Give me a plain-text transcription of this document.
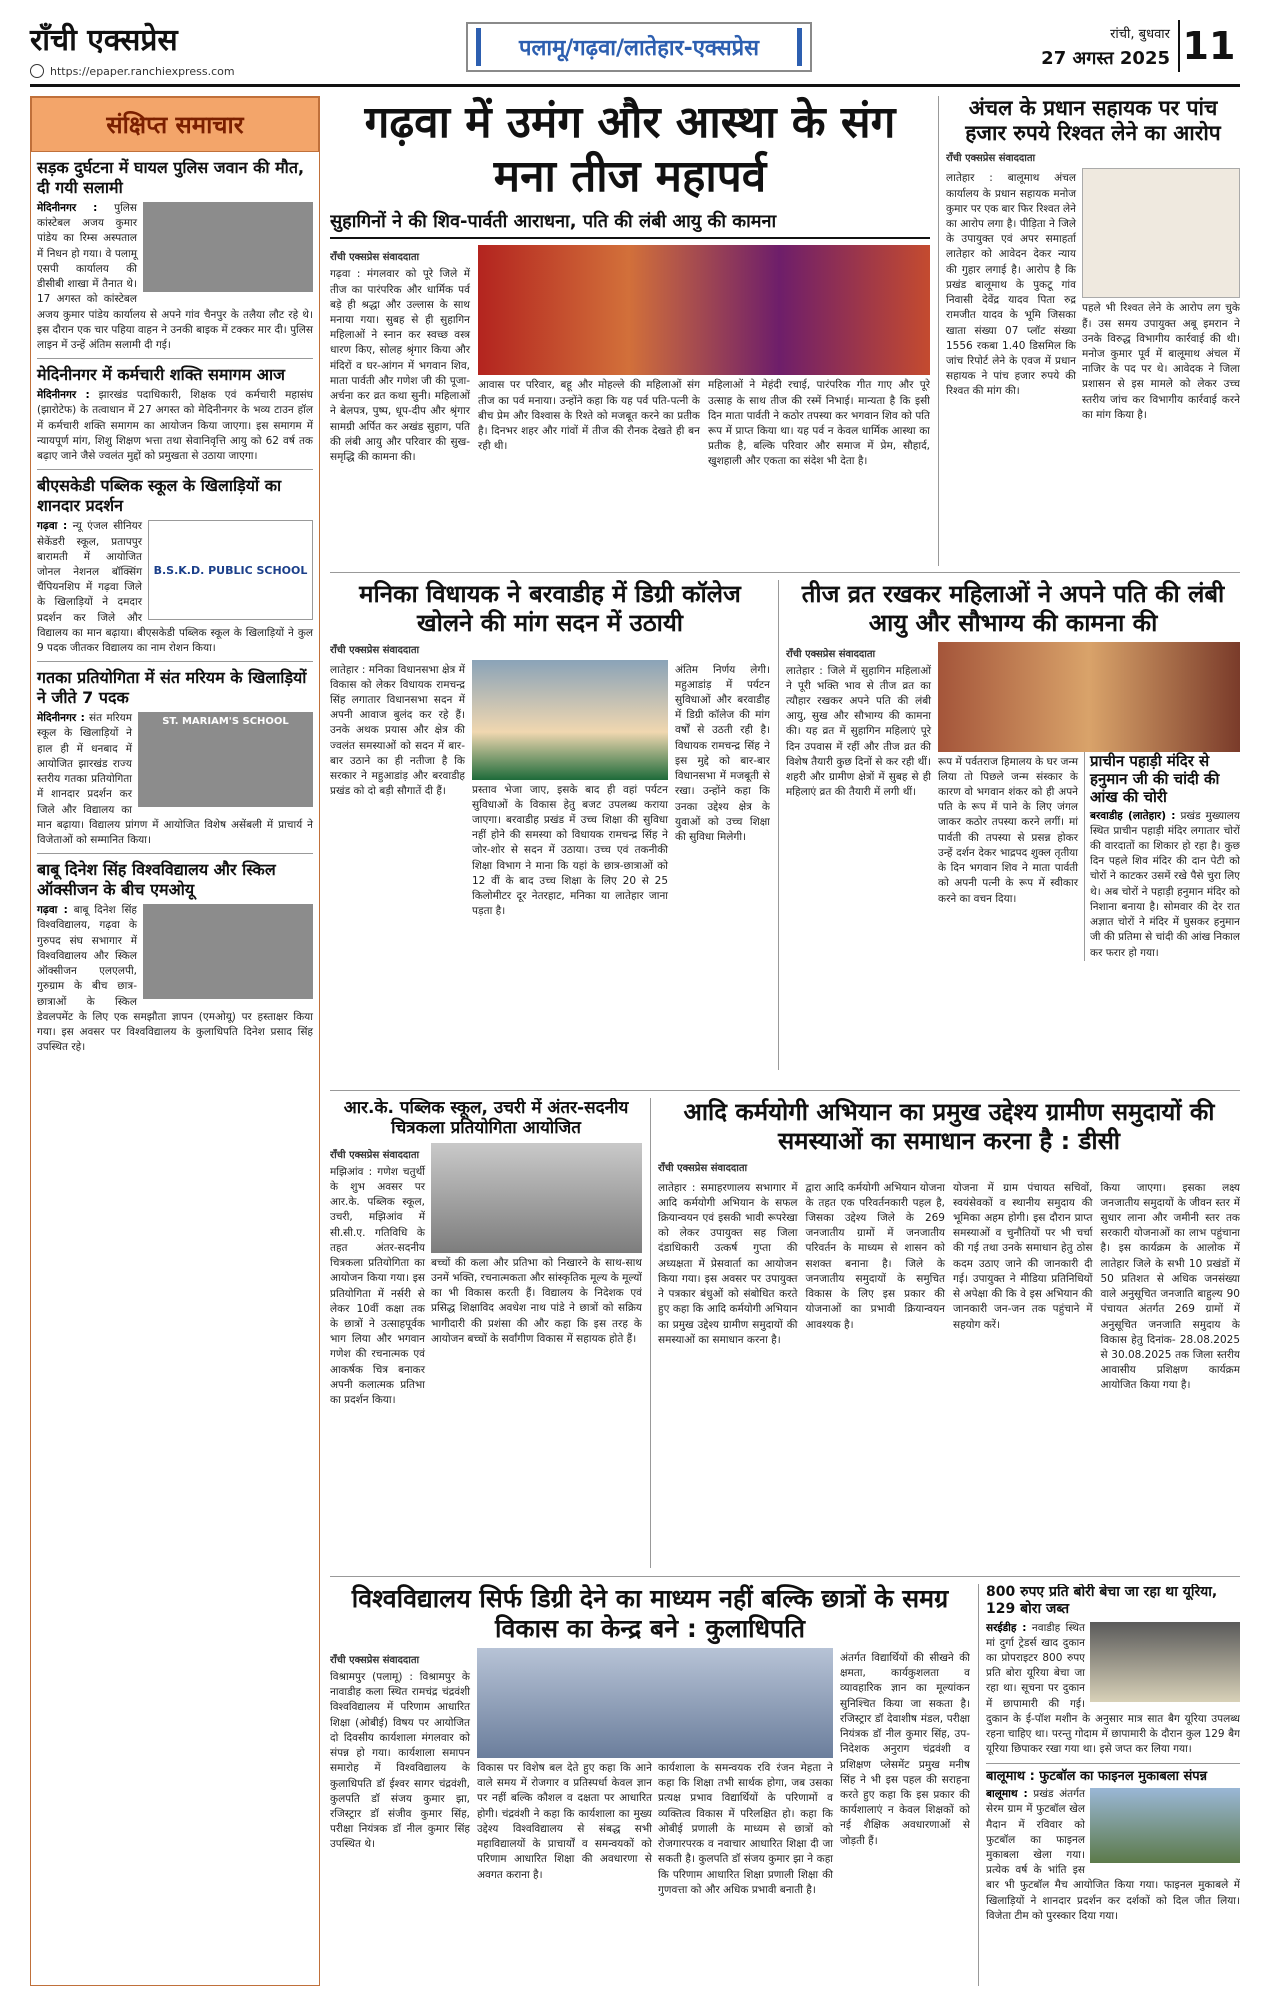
राँची एक्सप्रेस
https://epaper.ranchiexpress.com
पलामू/गढ़वा/लातेहार-एक्सप्रेस
रांची, बुधवार
27 अगस्त 2025 11
संक्षिप्त समाचार
सड़क दुर्घटना में घायल पुलिस जवान की मौत, दी गयी सलामी
मेदिनीनगर : पुलिस कांस्टेबल अजय कुमार पांडेय का रिम्स अस्पताल में निधन हो गया। वे पलामू एसपी कार्यालय की डीसीबी शाखा में तैनात थे। 17 अगस्त को कांस्टेबल अजय कुमार पांडेय कार्यालय से अपने गांव चैनपुर के तलैया लौट रहे थे। इस दौरान एक चार पहिया वाहन ने उनकी बाइक में टक्कर मार दी। पुलिस लाइन में उन्हें अंतिम सलामी दी गई।
मेदिनीनगर में कर्मचारी शक्ति समागम आज
मेदिनीनगर : झारखंड पदाधिकारी, शिक्षक एवं कर्मचारी महासंघ (झारोटेफ) के तत्वाधान में 27 अगस्त को मेदिनीनगर के भव्य टाउन हॉल में कर्मचारी शक्ति समागम का आयोजन किया जाएगा। इस समागम में न्यायपूर्ण मांग, शिशु शिक्षण भत्ता तथा सेवानिवृत्ति आयु को 62 वर्ष तक बढ़ाए जाने जैसे ज्वलंत मुद्दों को प्रमुखता से उठाया जाएगा।
बीएसकेडी पब्लिक स्कूल के खिलाड़ियों का शानदार प्रदर्शन
B.S.K.D. PUBLIC SCHOOL
गढ़वा : न्यू एंजल सीनियर सेकेंडरी स्कूल, प्रतापपुर बारामती में आयोजित जोनल नेशनल बॉक्सिंग चैंपियनशिप में गढ़वा जिले के खिलाड़ियों ने दमदार प्रदर्शन कर जिले और विद्यालय का मान बढ़ाया। बीएसकेडी पब्लिक स्कूल के खिलाड़ियों ने कुल 9 पदक जीतकर विद्यालय का नाम रोशन किया।
गतका प्रतियोगिता में संत मरियम के खिलाड़ियों ने जीते 7 पदक
ST. MARIAM'S SCHOOL
मेदिनीनगर : संत मरियम स्कूल के खिलाड़ियों ने हाल ही में धनबाद में आयोजित झारखंड राज्य स्तरीय गतका प्रतियोगिता में शानदार प्रदर्शन कर जिले और विद्यालय का मान बढ़ाया। विद्यालय प्रांगण में आयोजित विशेष असेंबली में प्राचार्य ने विजेताओं को सम्मानित किया।
बाबू दिनेश सिंह विश्वविद्यालय और स्किल ऑक्सीजन के बीच एमओयू
गढ़वा : बाबू दिनेश सिंह विश्वविद्यालय, गढ़वा के गुरुपद संघ सभागार में विश्वविद्यालय और स्किल ऑक्सीजन एलएलपी, गुरुग्राम के बीच छात्र-छात्राओं के स्किल डेवलपमेंट के लिए एक समझौता ज्ञापन (एमओयू) पर हस्ताक्षर किया गया। इस अवसर पर विश्वविद्यालय के कुलाधिपति दिनेश प्रसाद सिंह उपस्थित रहे।
गढ़वा में उमंग और आस्था के संग मना तीज महापर्व
सुहागिनों ने की शिव-पार्वती आराधना, पति की लंबी आयु की कामना
राँची एक्सप्रेस संवाददाता
गढ़वा : मंगलवार को पूरे जिले में तीज का पारंपरिक और धार्मिक पर्व बड़े ही श्रद्धा और उल्लास के साथ मनाया गया। सुबह से ही सुहागिन महिलाओं ने स्नान कर स्वच्छ वस्त्र धारण किए, सोलह श्रृंगार किया और मंदिरों व घर-आंगन में भगवान शिव, माता पार्वती और गणेश जी की पूजा-अर्चना कर व्रत कथा सुनी। महिलाओं ने बेलपत्र, पुष्प, धूप-दीप और श्रृंगार सामग्री अर्पित कर अखंड सुहाग, पति की लंबी आयु और परिवार की सुख-समृद्धि की कामना की।
आवास पर परिवार, बहू और मोहल्ले की महिलाओं संग तीज का पर्व मनाया। उन्होंने कहा कि यह पर्व पति-पत्नी के बीच प्रेम और विश्वास के रिश्ते को मजबूत करने का प्रतीक है। दिनभर शहर और गांवों में तीज की रौनक देखते ही बन रही थी।
महिलाओं ने मेहंदी रचाई, पारंपरिक गीत गाए और पूरे उत्साह के साथ तीज की रस्में निभाई। मान्यता है कि इसी दिन माता पार्वती ने कठोर तपस्या कर भगवान शिव को पति रूप में प्राप्त किया था। यह पर्व न केवल धार्मिक आस्था का प्रतीक है, बल्कि परिवार और समाज में प्रेम, सौहार्द, खुशहाली और एकता का संदेश भी देता है।
अंचल के प्रधान सहायक पर पांच हजार रुपये रिश्वत लेने का आरोप
राँची एक्सप्रेस संवाददाता
लातेहार : बालूमाथ अंचल कार्यालय के प्रधान सहायक मनोज कुमार पर एक बार फिर रिश्वत लेने का आरोप लगा है। पीड़िता ने जिले के उपायुक्त एवं अपर समाहर्ता लातेहार को आवेदन देकर न्याय की गुहार लगाई है। आरोप है कि प्रखंड बालूमाथ के पुकटू गांव निवासी देवेंद्र यादव पिता रुद्र रामजीत यादव के भूमि जिसका खाता संख्या 07 प्लॉट संख्या 1556 रकबा 1.40 डिसमिल कि जांच रिपोर्ट लेने के एवज में प्रधान सहायक ने पांच हजार रुपये की रिश्वत की मांग की।
पहले भी रिश्वत लेने के आरोप लग चुके हैं। उस समय उपायुक्त अबू इमरान ने उनके विरुद्ध विभागीय कार्रवाई की थी। मनोज कुमार पूर्व में बालूमाथ अंचल में नाजिर के पद पर थे। आवेदक ने जिला प्रशासन से इस मामले को लेकर उच्च स्तरीय जांच कर विभागीय कार्रवाई करने का मांग किया है।
मनिका विधायक ने बरवाडीह में डिग्री कॉलेज खोलने की मांग सदन में उठायी
राँची एक्सप्रेस संवाददाता
लातेहार : मनिका विधानसभा क्षेत्र में विकास को लेकर विधायक रामचन्द्र सिंह लगातार विधानसभा सदन में अपनी आवाज बुलंद कर रहे हैं। उनके अथक प्रयास और क्षेत्र की ज्वलंत समस्याओं को सदन में बार-बार उठाने का ही नतीजा है कि सरकार ने महुआडांड़ और बरवाडीह प्रखंड को दो बड़ी सौगातें दी हैं।	प्रस्ताव भेजा जाए, इसके बाद ही वहां पर्यटन सुविधाओं के विकास हेतु बजट उपलब्ध कराया जाएगा। बरवाडीह प्रखंड में उच्च शिक्षा की सुविधा नहीं होने की समस्या को विधायक रामचन्द्र सिंह ने जोर-शोर से सदन में उठाया। उच्च एवं तकनीकी शिक्षा विभाग ने माना कि यहां के छात्र-छात्राओं को 12 वीं के बाद उच्च शिक्षा के लिए 20 से 25 किलोमीटर दूर नेतरहाट, मनिका या लातेहार जाना पड़ता है।
अंतिम निर्णय लेगी। महुआडांड़ में पर्यटन सुविधाओं और बरवाडीह में डिग्री कॉलेज की मांग वर्षों से उठती रही है। विधायक रामचन्द्र सिंह ने इस मुद्दे को बार-बार विधानसभा में मजबूती से रखा। उन्होंने कहा कि उनका उद्देश्य क्षेत्र के युवाओं को उच्च शिक्षा की सुविधा मिलेगी।
तीज व्रत रखकर महिलाओं ने अपने पति की लंबी आयु और सौभाग्य की कामना की
राँची एक्सप्रेस संवाददाता
लातेहार : जिले में सुहागिन महिलाओं ने पूरी भक्ति भाव से तीज व्रत का त्यौहार रखकर अपने पति की लंबी आयु, सुख और सौभाग्य की कामना की। यह व्रत में सुहागिन महिलाएं पूरे दिन उपवास में रहीं और तीज व्रत की विशेष तैयारी कुछ दिनों से कर रही थीं। शहरी और ग्रामीण क्षेत्रों में सुबह से ही महिलाएं व्रत की तैयारी में लगी थीं।
रूप में पर्वतराज हिमालय के घर जन्म लिया तो पिछले जन्म संस्कार के कारण वो भगवान शंकर को ही अपने पति के रूप में पाने के लिए जंगल जाकर कठोर तपस्या करने लगीं। मां पार्वती की तपस्या से प्रसन्न होकर उन्हें दर्शन देकर भाद्रपद शुक्ल तृतीया के दिन भगवान शिव ने माता पार्वती को अपनी पत्नी के रूप में स्वीकार करने का वचन दिया।
प्राचीन पहाड़ी मंदिर से हनुमान जी की चांदी की आंख की चोरी
बरवाडीह (लातेहार) : प्रखंड मुख्यालय स्थित प्राचीन पहाड़ी मंदिर लगातार चोरों की वारदातों का शिकार हो रहा है। कुछ दिन पहले शिव मंदिर की दान पेटी को चोरों ने काटकर उसमें रखे पैसे चुरा लिए थे। अब चोरों ने पहाड़ी हनुमान मंदिर को निशाना बनाया है। सोमवार की देर रात अज्ञात चोरों ने मंदिर में घुसकर हनुमान जी की प्रतिमा से चांदी की आंख निकाल कर फरार हो गया।
आर.के. पब्लिक स्कूल, उचरी में अंतर-सदनीय चित्रकला प्रतियोगिता आयोजित
राँची एक्सप्रेस संवाददाता
मझिआंव : गणेश चतुर्थी के शुभ अवसर पर आर.के. पब्लिक स्कूल, उचरी, मझिआंव में सी.सी.ए. गतिविधि के तहत अंतर-सदनीय चित्रकला प्रतियोगिता का आयोजन किया गया। इस प्रतियोगिता में नर्सरी से लेकर 10वीं कक्षा तक के छात्रों ने उत्साहपूर्वक भाग लिया और भगवान गणेश की रचनात्मक एवं आकर्षक चित्र बनाकर अपनी कलात्मक प्रतिभा का प्रदर्शन किया।
बच्चों की कला और प्रतिभा को निखारने के साथ-साथ उनमें भक्ति, रचनात्मकता और सांस्कृतिक मूल्य के मूल्यों का भी विकास करती हैं। विद्यालय के निदेशक एवं प्रसिद्ध शिक्षाविद अवधेश नाथ पांडे ने छात्रों को सक्रिय भागीदारी की प्रशंसा की और कहा कि इस तरह के आयोजन बच्चों के सर्वांगीण विकास में सहायक होते हैं।
आदि कर्मयोगी अभियान का प्रमुख उद्देश्य ग्रामीण समुदायों की समस्याओं का समाधान करना है : डीसी
राँची एक्सप्रेस संवाददाता
लातेहार : समाहरणालय सभागार में आदि कर्मयोगी अभियान के सफल क्रियान्वयन एवं इसकी भावी रूपरेखा को लेकर उपायुक्त सह जिला दंडाधिकारी उत्कर्ष गुप्ता की अध्यक्षता में प्रेसवार्ता का आयोजन किया गया। इस अवसर पर उपायुक्त ने पत्रकार बंधुओं को संबोधित करते हुए कहा कि आदि कर्मयोगी अभियान का प्रमुख उद्देश्य ग्रामीण समुदायों की समस्याओं का समाधान करना है।
द्वारा आदि कर्मयोगी अभियान योजना के तहत एक परिवर्तनकारी पहल है, जिसका उद्देश्य जिले के 269 जनजातीय ग्रामों में जनजातीय परिवर्तन के माध्यम से शासन को सशक्त बनाना है। जिले के जनजातीय समुदायों के समुचित विकास के लिए इस प्रकार की योजनाओं का प्रभावी क्रियान्वयन आवश्यक है।
योजना में ग्राम पंचायत सचिवों, स्वयंसेवकों व स्थानीय समुदाय की भूमिका अहम होगी। इस दौरान प्राप्त समस्याओं व चुनौतियों पर भी चर्चा की गई तथा उनके समाधान हेतु ठोस कदम उठाए जाने की जानकारी दी गई। उपायुक्त ने मीडिया प्रतिनिधियों से अपेक्षा की कि वे इस अभियान की जानकारी जन-जन तक पहुंचाने में सहयोग करें।
किया जाएगा। इसका लक्ष्य जनजातीय समुदायों के जीवन स्तर में सुधार लाना और जमीनी स्तर तक सरकारी योजनाओं का लाभ पहुंचाना है। इस कार्यक्रम के आलोक में लातेहार जिले के सभी 10 प्रखंडों में 50 प्रतिशत से अधिक जनसंख्या वाले अनुसूचित जनजाति बाहुल्य 90 पंचायत अंतर्गत 269 ग्रामों में अनुसूचित जनजाति समुदाय के विकास हेतु दिनांक- 28.08.2025 से 30.08.2025 तक जिला स्तरीय आवासीय प्रशिक्षण कार्यक्रम आयोजित किया गया है।
विश्वविद्यालय सिर्फ डिग्री देने का माध्यम नहीं बल्कि छात्रों के समग्र विकास का केन्द्र बने : कुलाधिपति
राँची एक्सप्रेस संवाददाता
विश्रामपुर (पलामू) : विश्रामपुर के नावाडीह कला स्थित रामचंद्र चंद्रवंशी विश्वविद्यालय में परिणाम आधारित शिक्षा (ओबीई) विषय पर आयोजित दो दिवसीय कार्यशाला मंगलवार को संपन्न हो गया। कार्यशाला समापन समारोह में विश्वविद्यालय के कुलाधिपति डॉ ईश्वर सागर चंद्रवंशी, कुलपति डॉ संजय कुमार झा, रजिस्ट्रार डॉ संजीव कुमार सिंह, परीक्षा नियंत्रक डॉ नील कुमार सिंह उपस्थित थे।
विकास पर विशेष बल देते हुए कहा कि आने वाले समय में रोजगार व प्रतिस्पर्धा केवल ज्ञान पर नहीं बल्कि कौशल व दक्षता पर आधारित होगी। चंद्रवंशी ने कहा कि कार्यशाला का मुख्य उद्देश्य विश्वविद्यालय से संबद्ध सभी महाविद्यालयों के प्राचार्यों व समन्वयकों को परिणाम आधारित शिक्षा की अवधारणा से अवगत कराना है।
कार्यशाला के समन्वयक रवि रंजन मेहता ने कहा कि शिक्षा तभी सार्थक होगा, जब उसका प्रत्यक्ष प्रभाव विद्यार्थियों के परिणामों व व्यक्तित्व विकास में परिलक्षित हो। कहा कि ओबीई प्रणाली के माध्यम से छात्रों को रोजगारपरक व नवाचार आधारित शिक्षा दी जा सकती है। कुलपति डॉ संजय कुमार झा ने कहा कि परिणाम आधारित शिक्षा प्रणाली शिक्षा की गुणवत्ता को और अधिक प्रभावी बनाती है।
अंतर्गत विद्यार्थियों की सीखने की क्षमता, कार्यकुशलता व व्यावहारिक ज्ञान का मूल्यांकन सुनिश्चित किया जा सकता है। रजिस्ट्रार डॉ देवाशीष मंडल, परीक्षा नियंत्रक डॉ नील कुमार सिंह, उप-निदेशक अनुराग चंद्रवंशी व प्रशिक्षण प्लेसमेंट प्रमुख मनीष सिंह ने भी इस पहल की सराहना करते हुए कहा कि इस प्रकार की कार्यशालाएं न केवल शिक्षकों को नई शैक्षिक अवधारणाओं से जोड़ती हैं।
800 रुपए प्रति बोरी बेचा जा रहा था यूरिया, 129 बोरा जब्त
सरईडीह : नवाडीह स्थित मां दुर्गा ट्रेडर्स खाद दुकान का प्रोपराइटर 800 रुपए प्रति बोरा यूरिया बेचा जा रहा था। सूचना पर दुकान में छापामारी की गई। दुकान के ई-पॉश मशीन के अनुसार मात्र सात बैग यूरिया उपलब्ध रहना चाहिए था। परन्तु गोदाम में छापामारी के दौरान कुल 129 बैग यूरिया छिपाकर रखा गया था। इसे जप्त कर लिया गया।
बालूमाथ : फुटबॉल का फाइनल मुकाबला संपन्न
बालूमाथ : प्रखंड अंतर्गत सेरम ग्राम में फुटबॉल खेल मैदान में रविवार को फुटबॉल का फाइनल मुकाबला खेला गया। प्रत्येक वर्ष के भांति इस बार भी फुटबॉल मैच आयोजित किया गया। फाइनल मुकाबले में खिलाड़ियों ने शानदार प्रदर्शन कर दर्शकों को दिल जीत लिया। विजेता टीम को पुरस्कार दिया गया।
